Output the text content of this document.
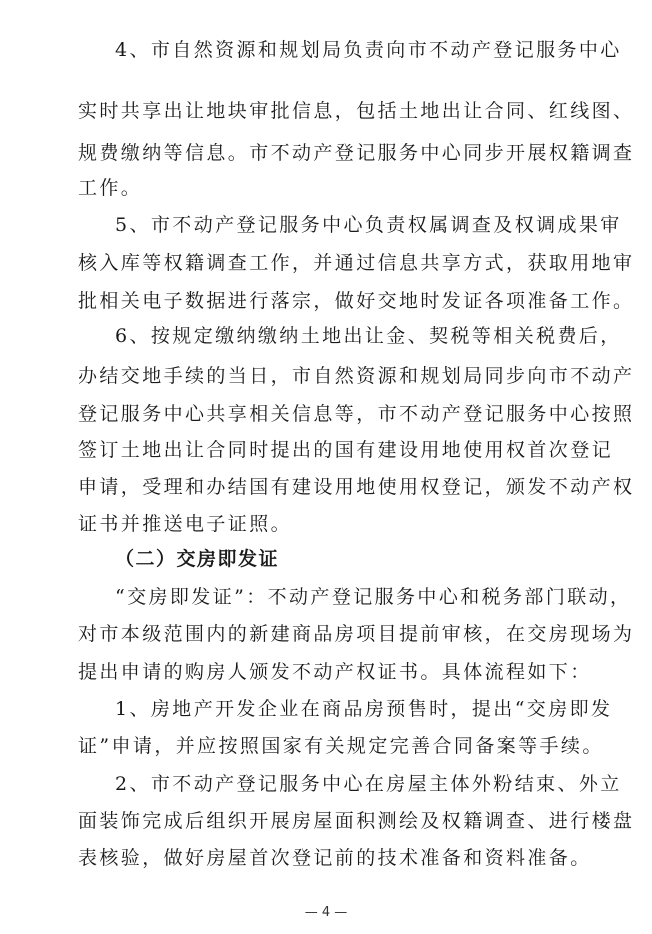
4、市自然资源和规划局负责向市不动产登记服务中心
实时共享出让地块审批信息，包括土地出让合同、红线图、
规费缴纳等信息。市不动产登记服务中心同步开展权籍调查
工作。
5、市不动产登记服务中心负责权属调查及权调成果审
核入库等权籍调查工作，并通过信息共享方式，获取用地审
批相关电子数据进行落宗，做好交地时发证各项准备工作。
6、按规定缴纳缴纳土地出让金、契税等相关税费后，
办结交地手续的当日，市自然资源和规划局同步向市不动产
登记服务中心共享相关信息等，市不动产登记服务中心按照
签订土地出让合同时提出的国有建设用地使用权首次登记
申请，受理和办结国有建设用地使用权登记，颁发不动产权
证书并推送电子证照。
（二）交房即发证
“交房即发证”：不动产登记服务中心和税务部门联动，
对市本级范围内的新建商品房项目提前审核，在交房现场为
提出申请的购房人颁发不动产权证书。具体流程如下：
1、房地产开发企业在商品房预售时，提出“交房即发
证”申请，并应按照国家有关规定完善合同备案等手续。
2、市不动产登记服务中心在房屋主体外粉结束、外立
面装饰完成后组织开展房屋面积测绘及权籍调查、进行楼盘
表核验，做好房屋首次登记前的技术准备和资料准备。
— 4 —
